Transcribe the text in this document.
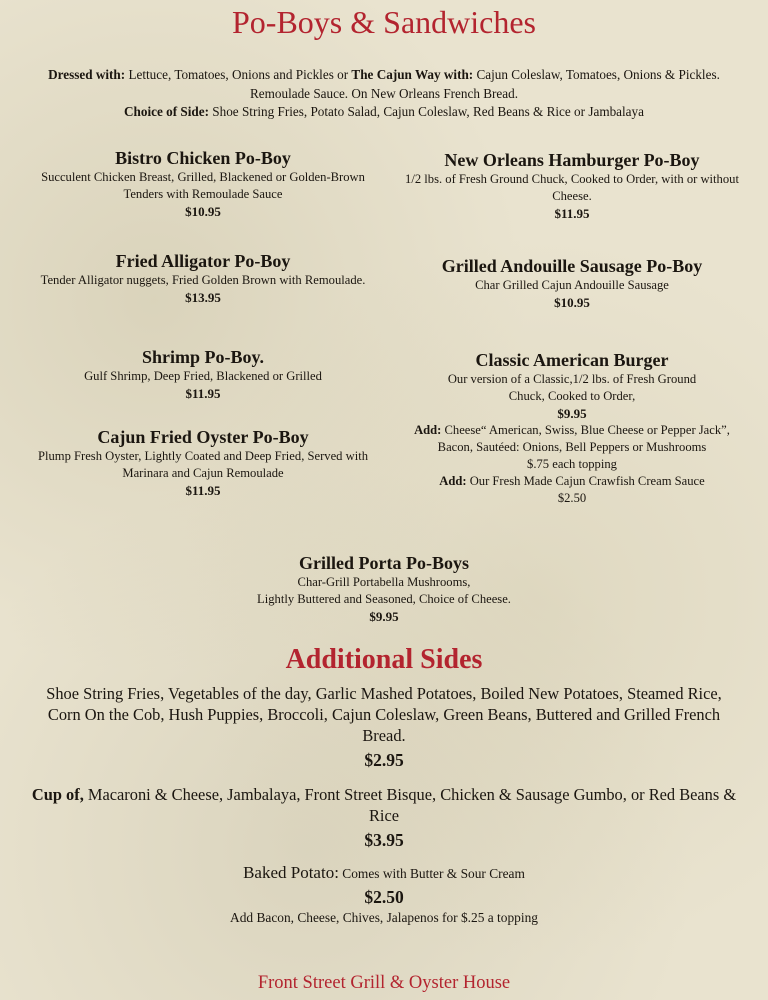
Po-Boys & Sandwiches
Dressed with: Lettuce, Tomatoes, Onions and Pickles or The Cajun Way with: Cajun Coleslaw, Tomatoes, Onions & Pickles. Remoulade Sauce. On New Orleans French Bread.
Choice of Side: Shoe String Fries, Potato Salad, Cajun Coleslaw, Red Beans & Rice or Jambalaya

Bistro Chicken Po-Boy

Succulent Chicken Breast, Grilled, Blackened or Golden-Brown Tenders with Remoulade Sauce

$10.95

Fried Alligator Po-Boy

Tender Alligator nuggets, Fried Golden Brown with Remoulade.

$13.95

Shrimp Po-Boy.

Gulf Shrimp, Deep Fried, Blackened or Grilled

$11.95

Cajun Fried Oyster Po-Boy

Plump Fresh Oyster, Lightly Coated and Deep Fried, Served with Marinara and Cajun Remoulade

$11.95

New Orleans Hamburger Po-Boy

1/2 lbs. of Fresh Ground Chuck, Cooked to Order, with or without Cheese.

$11.95

Grilled Andouille Sausage Po-Boy

Char Grilled Cajun Andouille Sausage

$10.95

Classic American Burger

Our version of a Classic,1/2 lbs. of Fresh Ground Chuck, Cooked to Order,

$9.95

Add: Cheese“ American, Swiss, Blue Cheese or Pepper Jack”, Bacon, Sautéed: Onions, Bell Peppers or Mushrooms

$.75 each topping

Add: Our Fresh Made Cajun Crawfish Cream Sauce

$2.50

Grilled Porta Po-Boys

Char-Grill Portabella Mushrooms,

Lightly Buttered and Seasoned, Choice of Cheese.

$9.95
Additional Sides
Shoe String Fries, Vegetables of the day, Garlic Mashed Potatoes, Boiled New Potatoes, Steamed Rice, Corn On the Cob, Hush Puppies, Broccoli, Cajun Coleslaw, Green Beans, Buttered and Grilled French Bread.
$2.95
Cup of, Macaroni & Cheese, Jambalaya, Front Street Bisque, Chicken & Sausage Gumbo, or Red Beans & Rice
$3.95
Baked Potato: Comes with Butter & Sour Cream
$2.50
Add Bacon, Cheese, Chives, Jalapenos for $.25 a topping
Front Street Grill & Oyster House
